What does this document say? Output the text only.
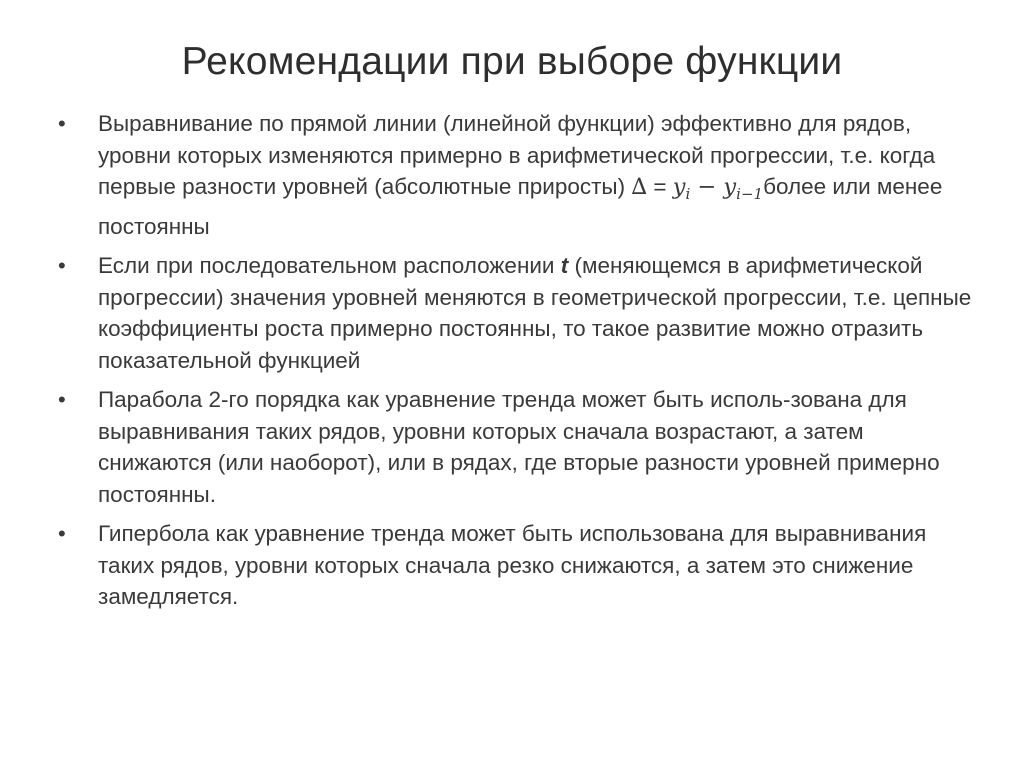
Рекомендации при выборе функции
•	Выравнивание по прямой линии (линейной функции) эффективно для рядов, уровни которых изменяются примерно в арифметической прогрессии, т.е. когда первые разности уровней (абсолютные приросты) ∆ = $y_i$ − $y_{i-1}более$ или менее постоянны
•	Если при последовательном расположении t (меняющемся в арифметической прогрессии) значения уровней меняются в геометрической прогрессии, т.е. цепные коэффициенты роста примерно постоянны, то такое развитие можно отразить показательной функцией
•	Парабола 2-го порядка как уравнение тренда может быть исполь-зована для выравнивания таких рядов, уровни которых сначала возрастают, а затем снижаются (или наоборот), или в рядах, где вторые разности уровней примерно постоянны.
•	Гипербола как уравнение тренда может быть использована для выравнивания таких рядов, уровни которых сначала резко снижаются, а затем это снижение замедляется.
